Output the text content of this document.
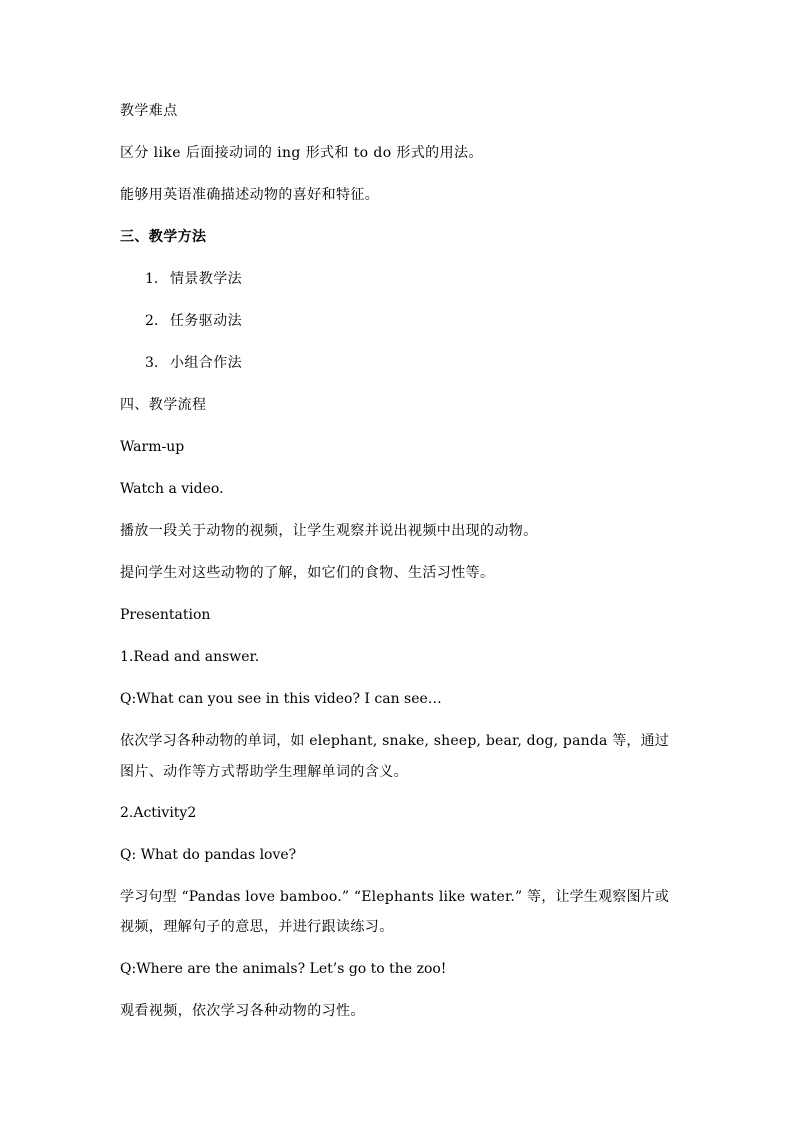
教学难点
区分 like 后面接动词的 ing 形式和 to do 形式的用法。
能够用英语准确描述动物的喜好和特征。
三、教学方法
1. 情景教学法
2. 任务驱动法
3. 小组合作法
四、教学流程
Warm-up
Watch a video.
播放一段关于动物的视频，让学生观察并说出视频中出现的动物。
提问学生对这些动物的了解，如它们的食物、生活习性等。
Presentation
1.Read and answer.
Q:What can you see in this video? I can see…
依次学习各种动物的单词，如 elephant, snake, sheep, bear, dog, panda 等，通过
图片、动作等方式帮助学生理解单词的含义。
2.Activity2
Q: What do pandas love?
学习句型 “Pandas love bamboo.” “Elephants like water.” 等，让学生观察图片或
视频，理解句子的意思，并进行跟读练习。
Q:Where are the animals? Let’s go to the zoo!
观看视频，依次学习各种动物的习性。
